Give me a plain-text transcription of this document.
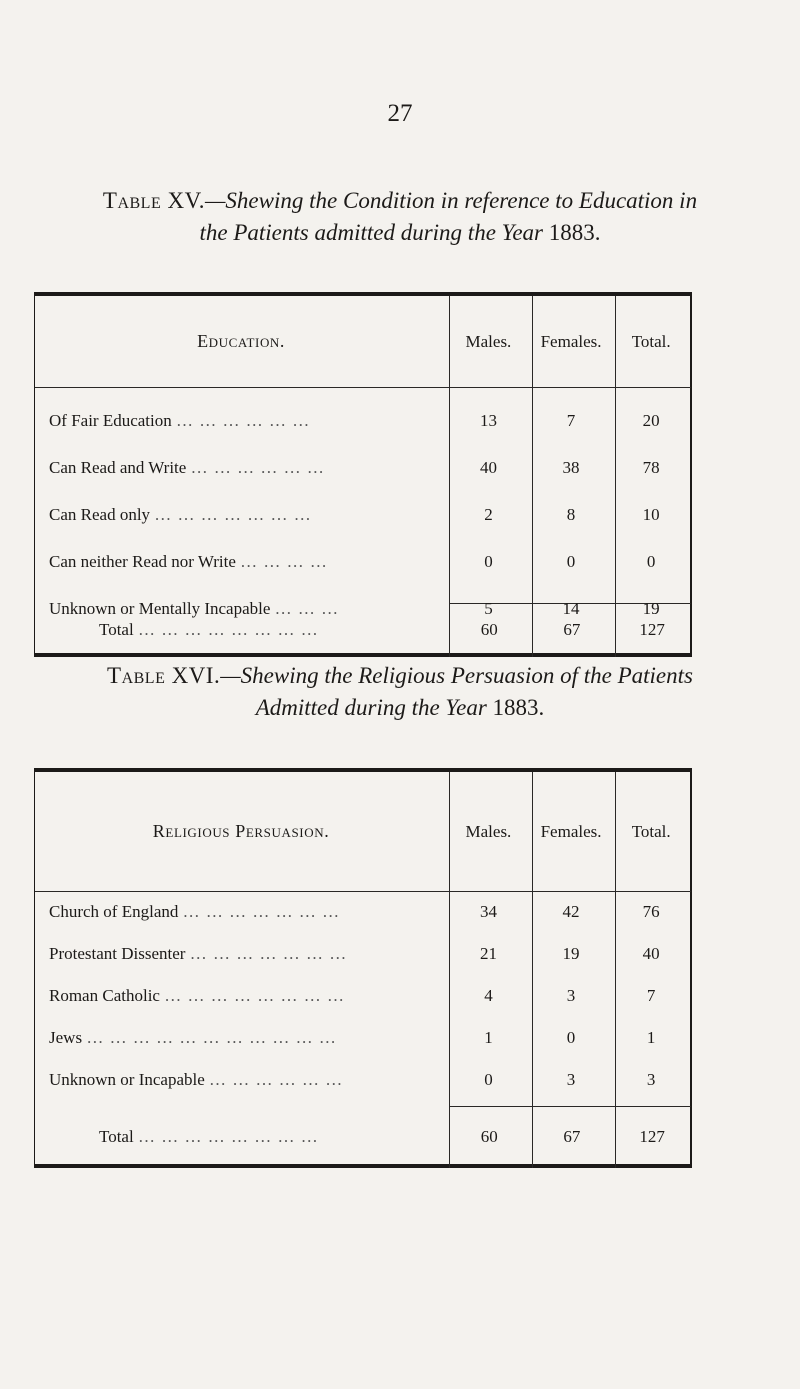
27
Table XV.—Shewing the Condition in reference to Education in
the Patients admitted during the Year 1883.
Education.	Males.	Females.	Total.
Of Fair Education … … … … … …	13	7	20
Can Read and Write … … … … … …	40	38	78
Can Read only … … … … … … …	2	8	10
Can neither Read nor Write … … … …	0	0	0
Unknown or Mentally Incapable … … …	5	14	19
Total … … … … … … … …	60	67	127
Table XVI.—Shewing the Religious Persuasion of the Patients
Admitted during the Year 1883.
Religious Persuasion.	Males.	Females.	Total.
Church of England … … … … … … …	34	42	76
Protestant Dissenter … … … … … … …	21	19	40
Roman Catholic … … … … … … … …	4	3	7
Jews … … … … … … … … … … …	1	0	1
Unknown or Incapable … … … … … …	0	3	3
Total … … … … … … … …	60	67	127
